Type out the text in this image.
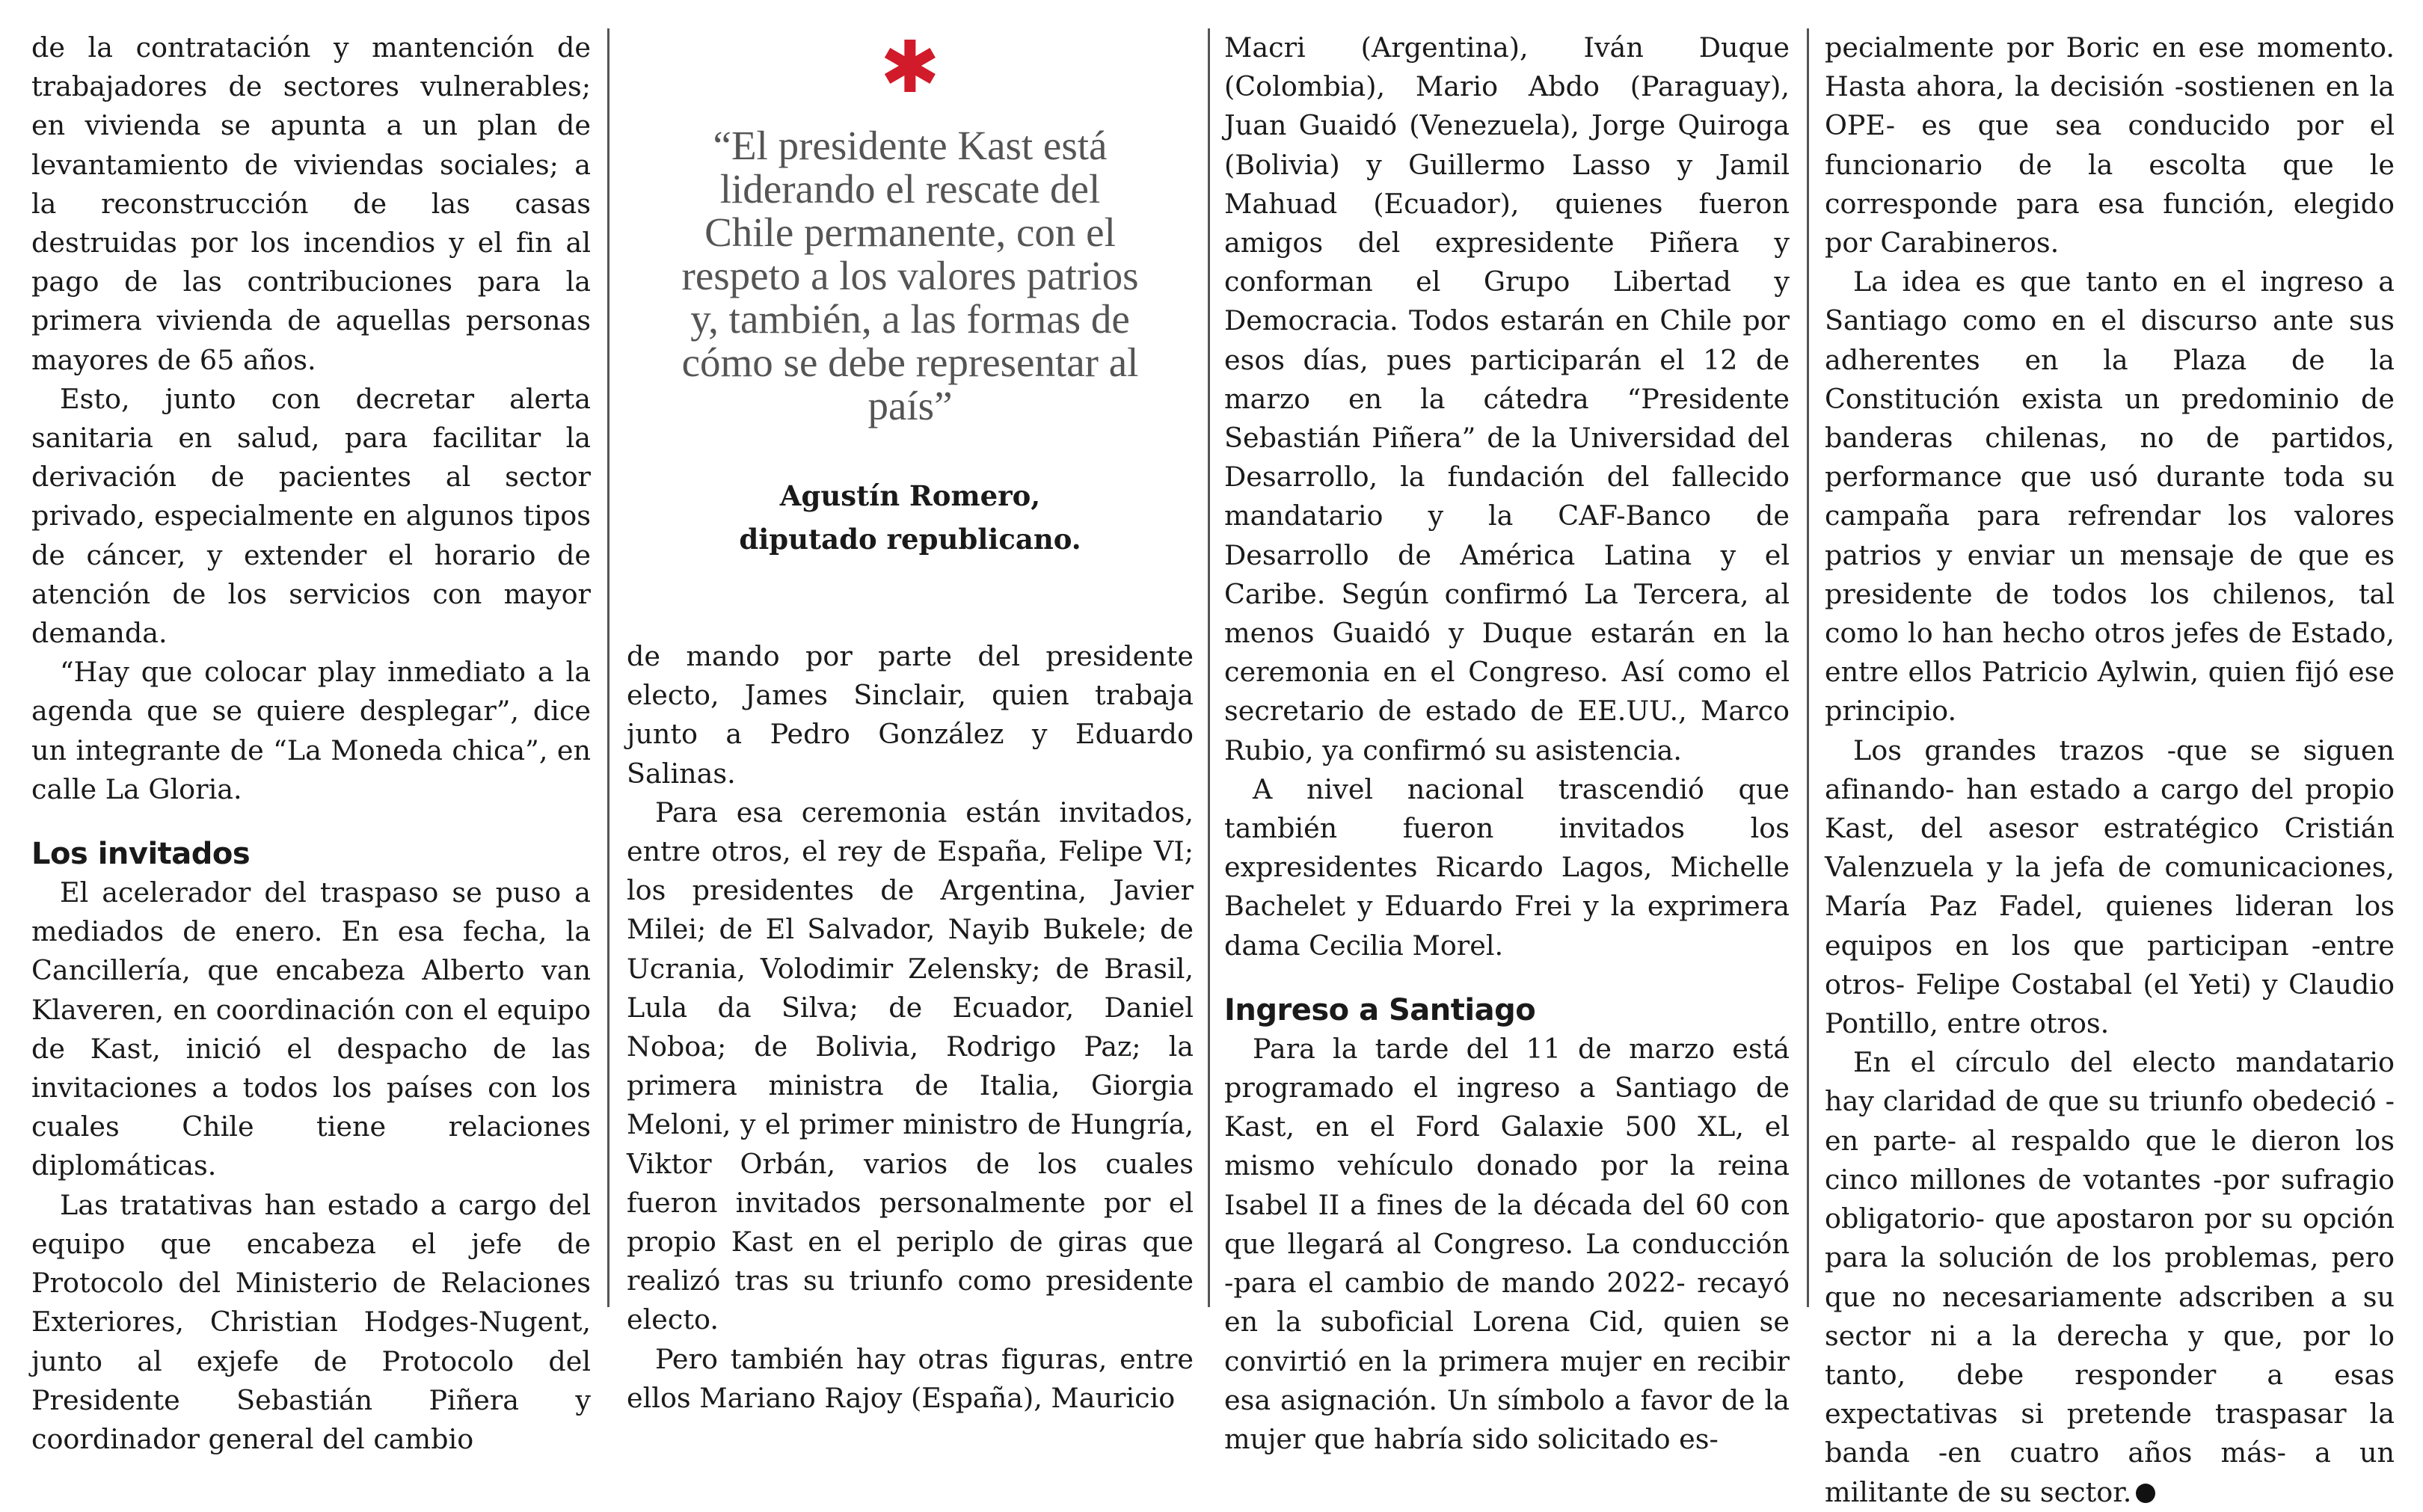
de la contratación y mantención de trabajadores de sectores vulnerables; en vivienda se apunta a un plan de levantamiento de viviendas sociales; a la reconstrucción de las casas destruidas por los incendios y el fin al pago de las contribuciones para la primera vivienda de aquellas personas mayores de 65 años.

Esto, junto con decretar alerta sanitaria en salud, para facilitar la derivación de pacientes al sector privado, especialmente en algunos tipos de cáncer, y extender el horario de atención de los servicios con mayor demanda.

“Hay que colocar play inmediato a la agenda que se quiere desplegar”, dice un integrante de “La Moneda chica”, en calle La Gloria.

Los invitados

El acelerador del traspaso se puso a mediados de enero. En esa fecha, la Cancillería, que encabeza Alberto van Klaveren, en coordinación con el equipo de Kast, inició el despacho de las invitaciones a todos los países con los cuales Chile tiene relaciones diplomáticas.

Las tratativas han estado a cargo del equipo que encabeza el jefe de Protocolo del Ministerio de Relaciones Exteriores, Christian Hodges-Nugent, junto al exjefe de Protocolo del Presidente Sebastián Piñera y coordinador general del cambio

✱
“El presidente Kast está liderando el rescate del Chile permanente, con el respeto a los valores patrios y, también, a las formas de cómo se debe representar al país”
Agustín Romero,
diputado republicano.

de mando por parte del presidente electo, James Sinclair, quien trabaja junto a Pedro González y Eduardo Salinas.

Para esa ceremonia están invitados, entre otros, el rey de España, Felipe VI; los presidentes de Argentina, Javier Milei; de El Salvador, Nayib Bukele; de Ucrania, Volodimir Zelensky; de Brasil, Lula da Silva; de Ecuador, Daniel Noboa; de Bolivia, Rodrigo Paz; la primera ministra de Italia, Giorgia Meloni, y el primer ministro de Hungría, Viktor Orbán, varios de los cuales fueron invitados personalmente por el propio Kast en el periplo de giras que realizó tras su triunfo como presidente electo.

Pero también hay otras figuras, entre ellos Mariano Rajoy (España), Mauricio

Macri (Argentina), Iván Duque (Colombia), Mario Abdo (Paraguay), Juan Guaidó (Venezuela), Jorge Quiroga (Bolivia) y Guillermo Lasso y Jamil Mahuad (Ecuador), quienes fueron amigos del expresidente Piñera y conforman el Grupo Libertad y Democracia. Todos estarán en Chile por esos días, pues participarán el 12 de marzo en la cátedra “Presidente Sebastián Piñera” de la Universidad del Desarrollo, la fundación del fallecido mandatario y la CAF-Banco de Desarrollo de América Latina y el Caribe. Según confirmó La Tercera, al menos Guaidó y Duque estarán en la ceremonia en el Congreso. Así como el secretario de estado de EE.UU., Marco Rubio, ya confirmó su asistencia.

A nivel nacional trascendió que también fueron invitados los expresidentes Ricardo Lagos, Michelle Bachelet y Eduardo Frei y la exprimera dama Cecilia Morel.

Ingreso a Santiago

Para la tarde del 11 de marzo está programado el ingreso a Santiago de Kast, en el Ford Galaxie 500 XL, el mismo vehículo donado por la reina Isabel II a fines de la década del 60 con que llegará al Congreso. La conducción -para el cambio de mando 2022- recayó en la suboficial Lorena Cid, quien se convirtió en la primera mujer en recibir esa asignación. Un símbolo a favor de la mujer que habría sido solicitado es-

pecialmente por Boric en ese momento. Hasta ahora, la decisión -sostienen en la OPE- es que sea conducido por el funcionario de la escolta que le corresponde para esa función, elegido por Carabineros.

La idea es que tanto en el ingreso a Santiago como en el discurso ante sus adherentes en la Plaza de la Constitución exista un predominio de banderas chilenas, no de partidos, performance que usó durante toda su campaña para refrendar los valores patrios y enviar un mensaje de que es presidente de todos los chilenos, tal como lo han hecho otros jefes de Estado, entre ellos Patricio Aylwin, quien fijó ese principio.

Los grandes trazos -que se siguen afinando- han estado a cargo del propio Kast, del asesor estratégico Cristián Valenzuela y la jefa de comunicaciones, María Paz Fadel, quienes lideran los equipos en los que participan -entre otros- Felipe Costabal (el Yeti) y Claudio Pontillo, entre otros.

En el círculo del electo mandatario hay claridad de que su triunfo obedeció -en parte- al respaldo que le dieron los cinco millones de votantes -por sufragio obligatorio- que apostaron por su opción para la solución de los problemas, pero que no necesariamente adscriben a su sector ni a la derecha y que, por lo tanto, debe responder a esas expectativas si pretende traspasar la banda -en cuatro años más- a un militante de su sector.
